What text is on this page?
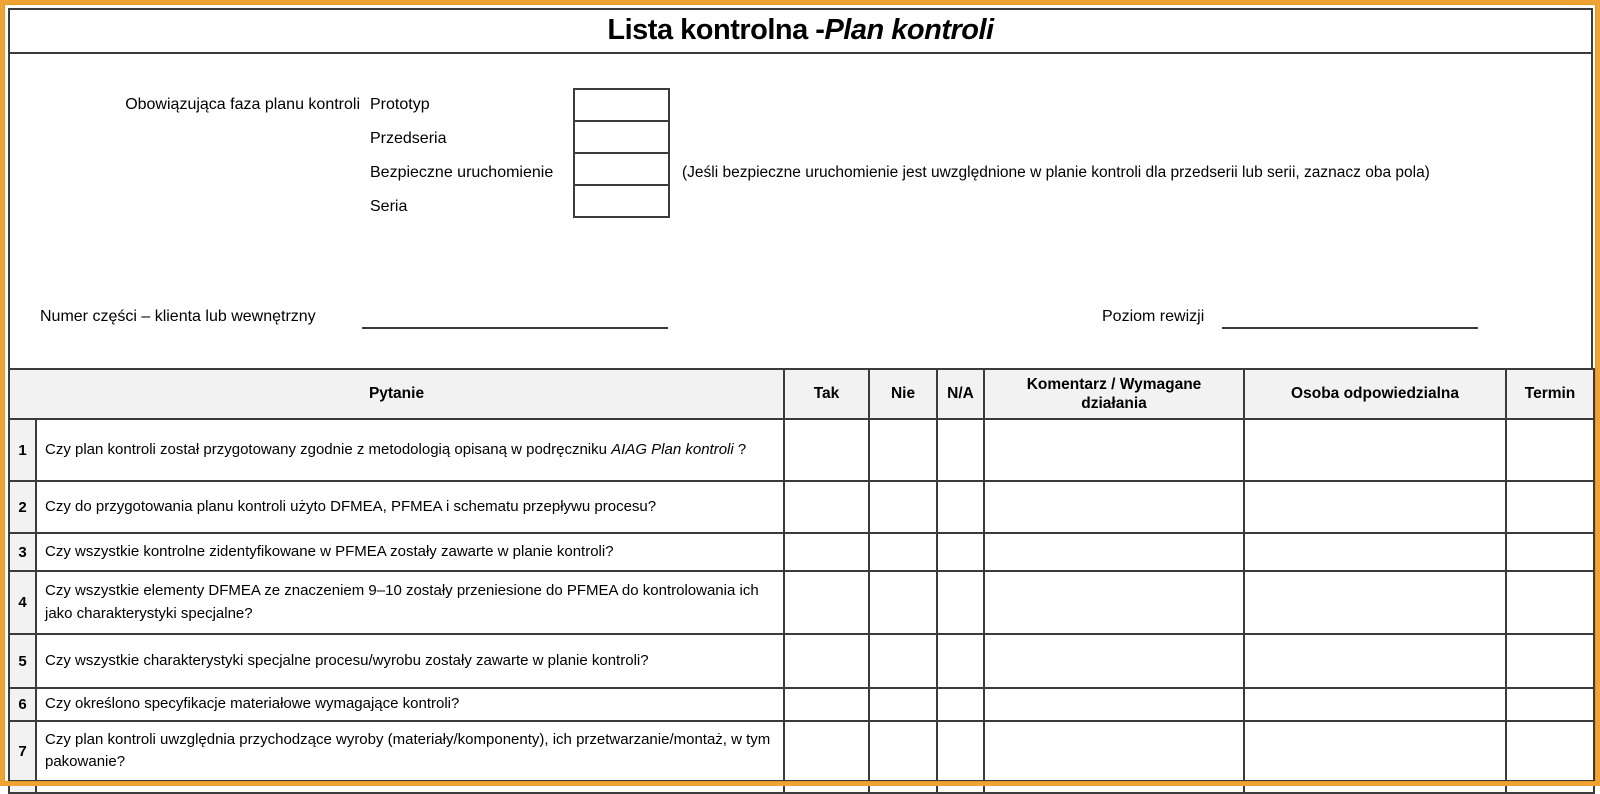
Lista kontrolna - Plan kontroli
Obowiązująca faza planu kontroli Prototyp
Przedseria
Bezpieczne uruchomienie
Seria
(Jeśli bezpieczne uruchomienie jest uwzględnione w planie kontroli dla przedserii lub serii, zaznacz oba pola)
Numer części – klienta lub wewnętrzny	Poziom rewizji
Pytanie		Tak	Nie	N/A	Komentarz / Wymagane działania	Osoba odpowiedzialna	Termin
1	Czy plan kontroli został przygotowany zgodnie z metodologią opisaną w podręczniku AIAG Plan kontroli ?						
2	Czy do przygotowania planu kontroli użyto DFMEA, PFMEA i schematu przepływu procesu?						
3	Czy wszystkie kontrolne zidentyfikowane w PFMEA zostały zawarte w planie kontroli?						
4	Czy wszystkie elementy DFMEA ze znaczeniem 9–10 zostały przeniesione do PFMEA do kontrolowania ich jako charakterystyki specjalne?						
5	Czy wszystkie charakterystyki specjalne procesu/wyrobu zostały zawarte w planie kontroli?						
6	Czy określono specyfikacje materiałowe wymagające kontroli?						
7	Czy plan kontroli uwzględnia przychodzące wyroby (materiały/komponenty), ich przetwarzanie/montaż, w tym pakowanie?						
